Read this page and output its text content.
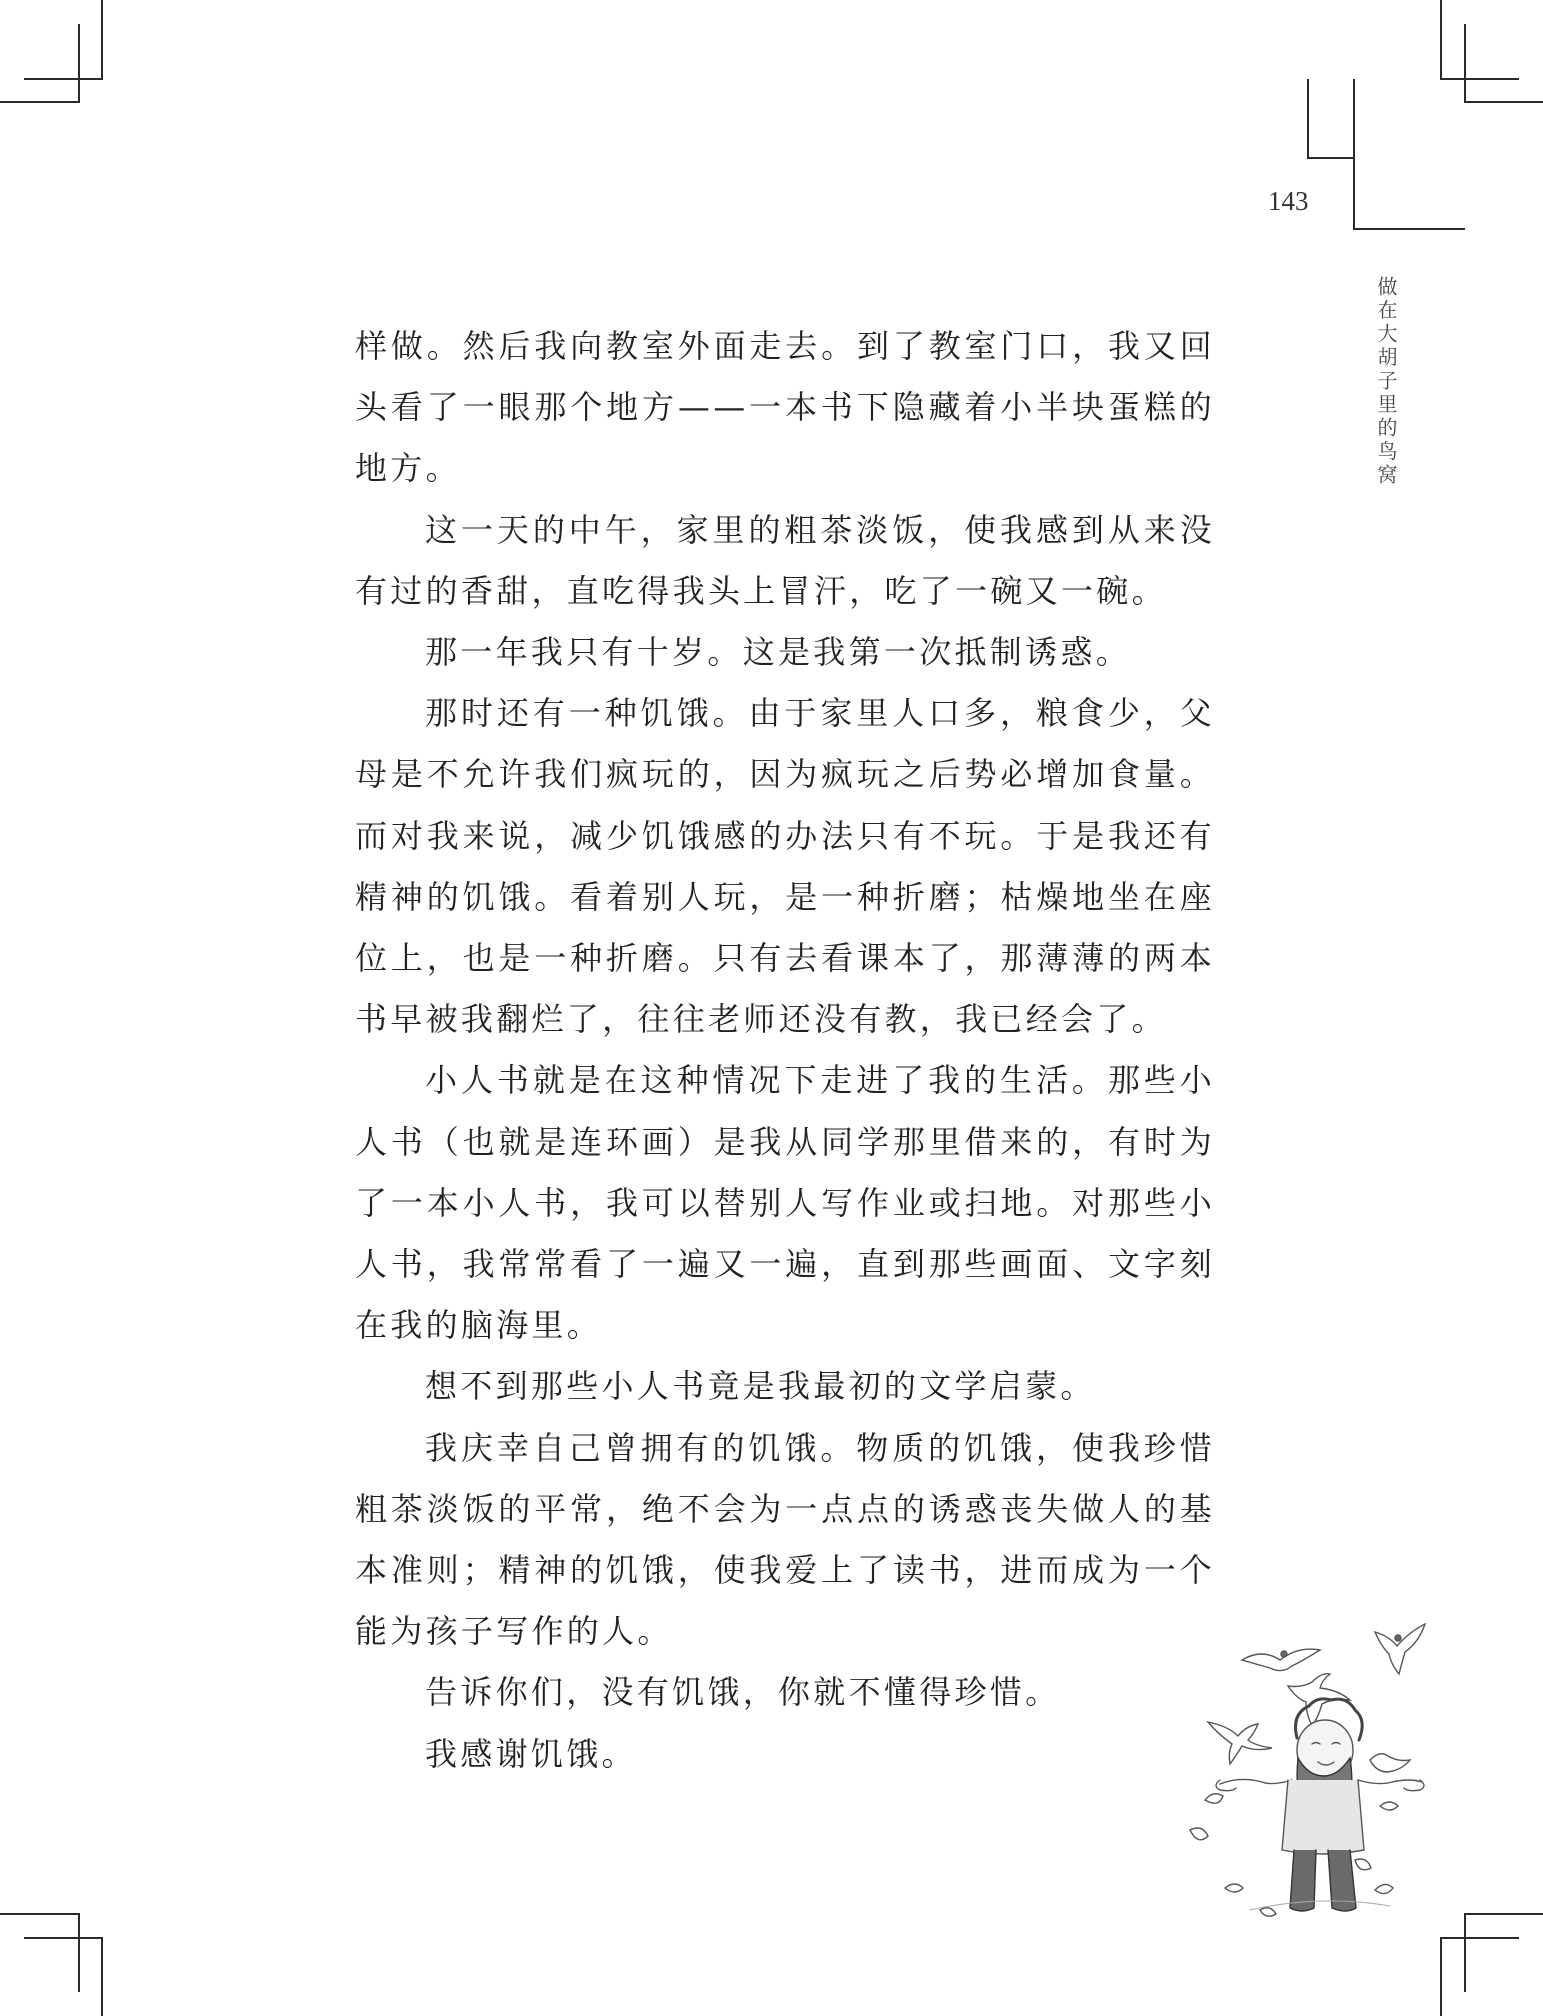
143
做在大胡子里的鸟窝

样做。然后我向教室外面走去。到了教室门口，我又回头看了一眼那个地方——一本书下隐藏着小半块蛋糕的地方。

这一天的中午，家里的粗茶淡饭，使我感到从来没有过的香甜，直吃得我头上冒汗，吃了一碗又一碗。

那一年我只有十岁。这是我第一次抵制诱惑。

那时还有一种饥饿。由于家里人口多，粮食少，父母是不允许我们疯玩的，因为疯玩之后势必增加食量。而对我来说，减少饥饿感的办法只有不玩。于是我还有精神的饥饿。看着别人玩，是一种折磨；枯燥地坐在座位上，也是一种折磨。只有去看课本了，那薄薄的两本书早被我翻烂了，往往老师还没有教，我已经会了。

小人书就是在这种情况下走进了我的生活。那些小人书（也就是连环画）是我从同学那里借来的，有时为了一本小人书，我可以替别人写作业或扫地。对那些小人书，我常常看了一遍又一遍，直到那些画面、文字刻在我的脑海里。

想不到那些小人书竟是我最初的文学启蒙。

我庆幸自己曾拥有的饥饿。物质的饥饿，使我珍惜粗茶淡饭的平常，绝不会为一点点的诱惑丧失做人的基本准则；精神的饥饿，使我爱上了读书，进而成为一个能为孩子写作的人。

告诉你们，没有饥饿，你就不懂得珍惜。

我感谢饥饿。
